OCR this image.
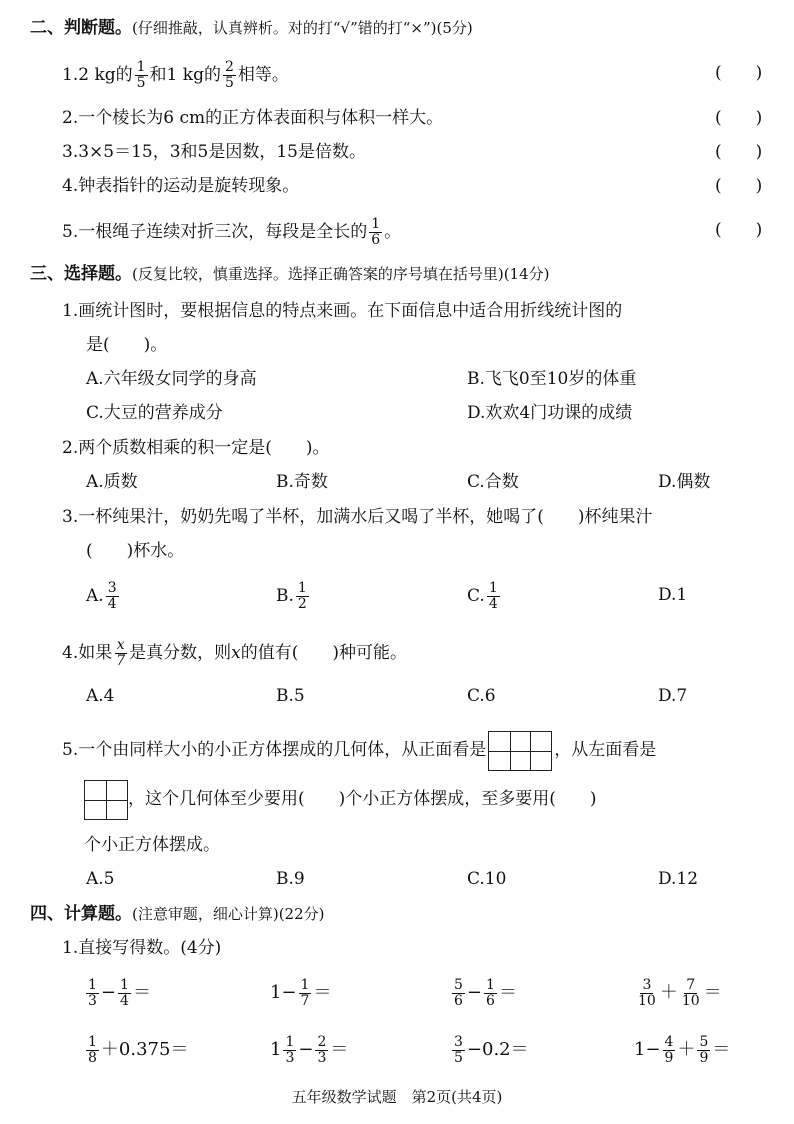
二、判断题。(仔细推敲，认真辨析。对的打“√”错的打“×”)(5分)
1.2 kg的 $\frac{1}{5}$ 和1 kg的 $\frac{2}{5}$ 相等。	(　　)
2.一个棱长为6 cm的正方体表面积与体积一样大。	(　　)
3.3×5＝15，3和5是因数，15是倍数。	(　　)
4.钟表指针的运动是旋转现象。	(　　)
5.一根绳子连续对折三次，每段是全长的 $\frac{1}{6}$ 。	(　　)
三、选择题。(反复比较，慎重选择。选择正确答案的序号填在括号里)(14分)
1.画统计图时，要根据信息的特点来画。在下面信息中适合用折线统计图的
是(　　)。
A.六年级女同学的身高	B.飞飞0至10岁的体重
C.大豆的营养成分	D.欢欢4门功课的成绩
2.两个质数相乘的积一定是(　　)。
A.质数	B.奇数	C.合数	D.偶数
3.一杯纯果汁，奶奶先喝了半杯，加满水后又喝了半杯，她喝了(　　)杯纯果汁
(　　)杯水。
A. $\frac{3}{4}$	B. $\frac{1}{2}$	C. $\frac{1}{4}$	D.1
4.如果 $\frac{x}{7}$ 是真分数，则x的值有(　　)种可能。
A.4	B.5	C.6	D.7
5.一个由同样大小的小正方体摆成的几何体，从正面看是	，从左面看是
，这个几何体至少要用(　　)个小正方体摆成，至多要用(　　)
个小正方体摆成。
A.5	B.9	C.10	D.12
四、计算题。(注意审题，细心计算)(22分)
1.直接写得数。(4分)
$\frac{1}{3} - \frac{1}{4}$ ＝	$1- \frac{1}{7}$ ＝	$\frac{5}{6} - \frac{1}{6}$ ＝	$\frac{3}{10} + \frac{7}{10}$ ＝
$\frac{1}{8} +0.375=$	$1 \frac{1}{3} - \frac{2}{3}$ ＝	$\frac{3}{5} -0.2=$	$1- \frac{4}{9} + \frac{5}{9}$ ＝
五年级数学试题　第2页(共4页)
